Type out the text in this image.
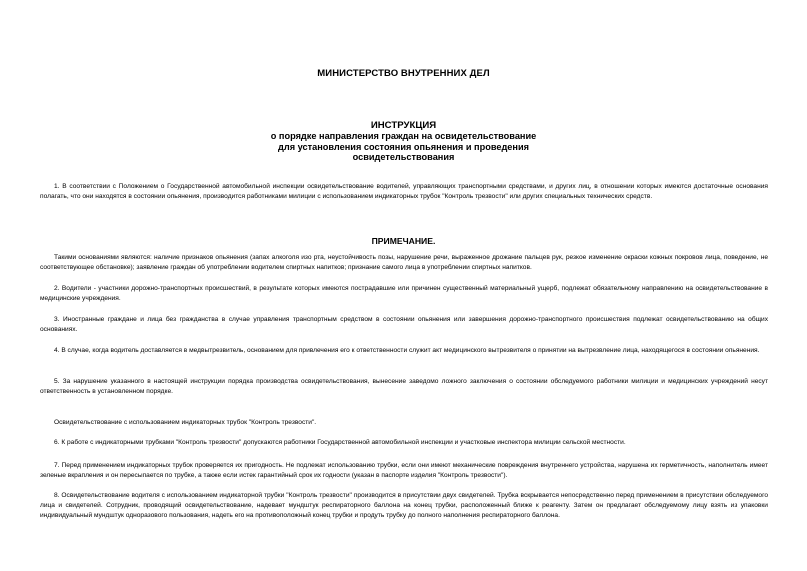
МИНИСТЕРСТВО ВНУТРЕННИХ ДЕЛ
ИНСТРУКЦИЯ
о порядке направления граждан на освидетельствование
для установления состояния опьянения и проведения
освидетельствования
1. В соответствии с Положением о Государственной автомобильной инспекции освидетельствование водителей, управляющих транспортными средствами, и других лиц, в отношении которых имеются достаточные основания полагать, что они находятся в состоянии опьянения, производится работниками милиции с использованием индикаторных трубок "Контроль трезвости" или других специальных технических средств.
ПРИМЕЧАНИЕ.
Такими основаниями являются: наличие признаков опьянения (запах алкоголя изо рта, неустойчивость позы, нарушение речи, выраженное дрожание пальцев рук, резкое изменение окраски кожных покровов лица, поведение, не соответствующее обстановке); заявление граждан об употреблении водителем спиртных напитков; признание самого лица в употреблении спиртных напитков.
2. Водители - участники дорожно-транспортных происшествий, в результате которых имеются пострадавшие или причинен существенный материальный ущерб, подлежат обязательному направлению на освидетельствование в медицинские учреждения.
3. Иностранные граждане и лица без гражданства в случае управления транспортным средством в состоянии опьянения или завершения дорожно-транспортного происшествия подлежат освидетельствованию на общих основаниях.
4. В случае, когда водитель доставляется в медвытрезвитель, основанием для привлечения его к ответственности служит акт медицинского вытрезвителя о принятии на вытрезвление лица, находящегося в состоянии опьянения.
5. За нарушение указанного в настоящей инструкции порядка производства освидетельствования, вынесение заведомо ложного заключения о состоянии обследуемого работники милиции и медицинских учреждений несут ответственность в установленном порядке.
Освидетельствование с использованием индикаторных трубок "Контроль трезвости".
6. К работе с индикаторными трубками "Контроль трезвости" допускаются работники Государственной автомобильной инспекции и участковые инспектора милиции сельской местности.
7. Перед применением индикаторных трубок проверяется их пригодность. Не подлежат использованию трубки, если они имеют механические повреждения внутреннего устройства, нарушена их герметичность, наполнитель имеет зеленые вкрапления и он пересыпается по трубке, а также если истек гарантийный срок их годности (указан в паспорте изделия "Контроль трезвости").
8. Освидетельствование водителя с использованием индикаторной трубки "Контроль трезвости" производится в присутствии двух свидетелей. Трубка вскрывается непосредственно перед применением в присутствии обследуемого лица и свидетелей. Сотрудник, проводящий освидетельствование, надевает мундштук респираторного баллона на конец трубки, расположенный ближе к реагенту. Затем он предлагает обследуемому лицу взять из упаковки индивидуальный мундштук одноразового пользования, надеть его на противоположный конец трубки и продуть трубку до полного наполнения респираторного баллона.
